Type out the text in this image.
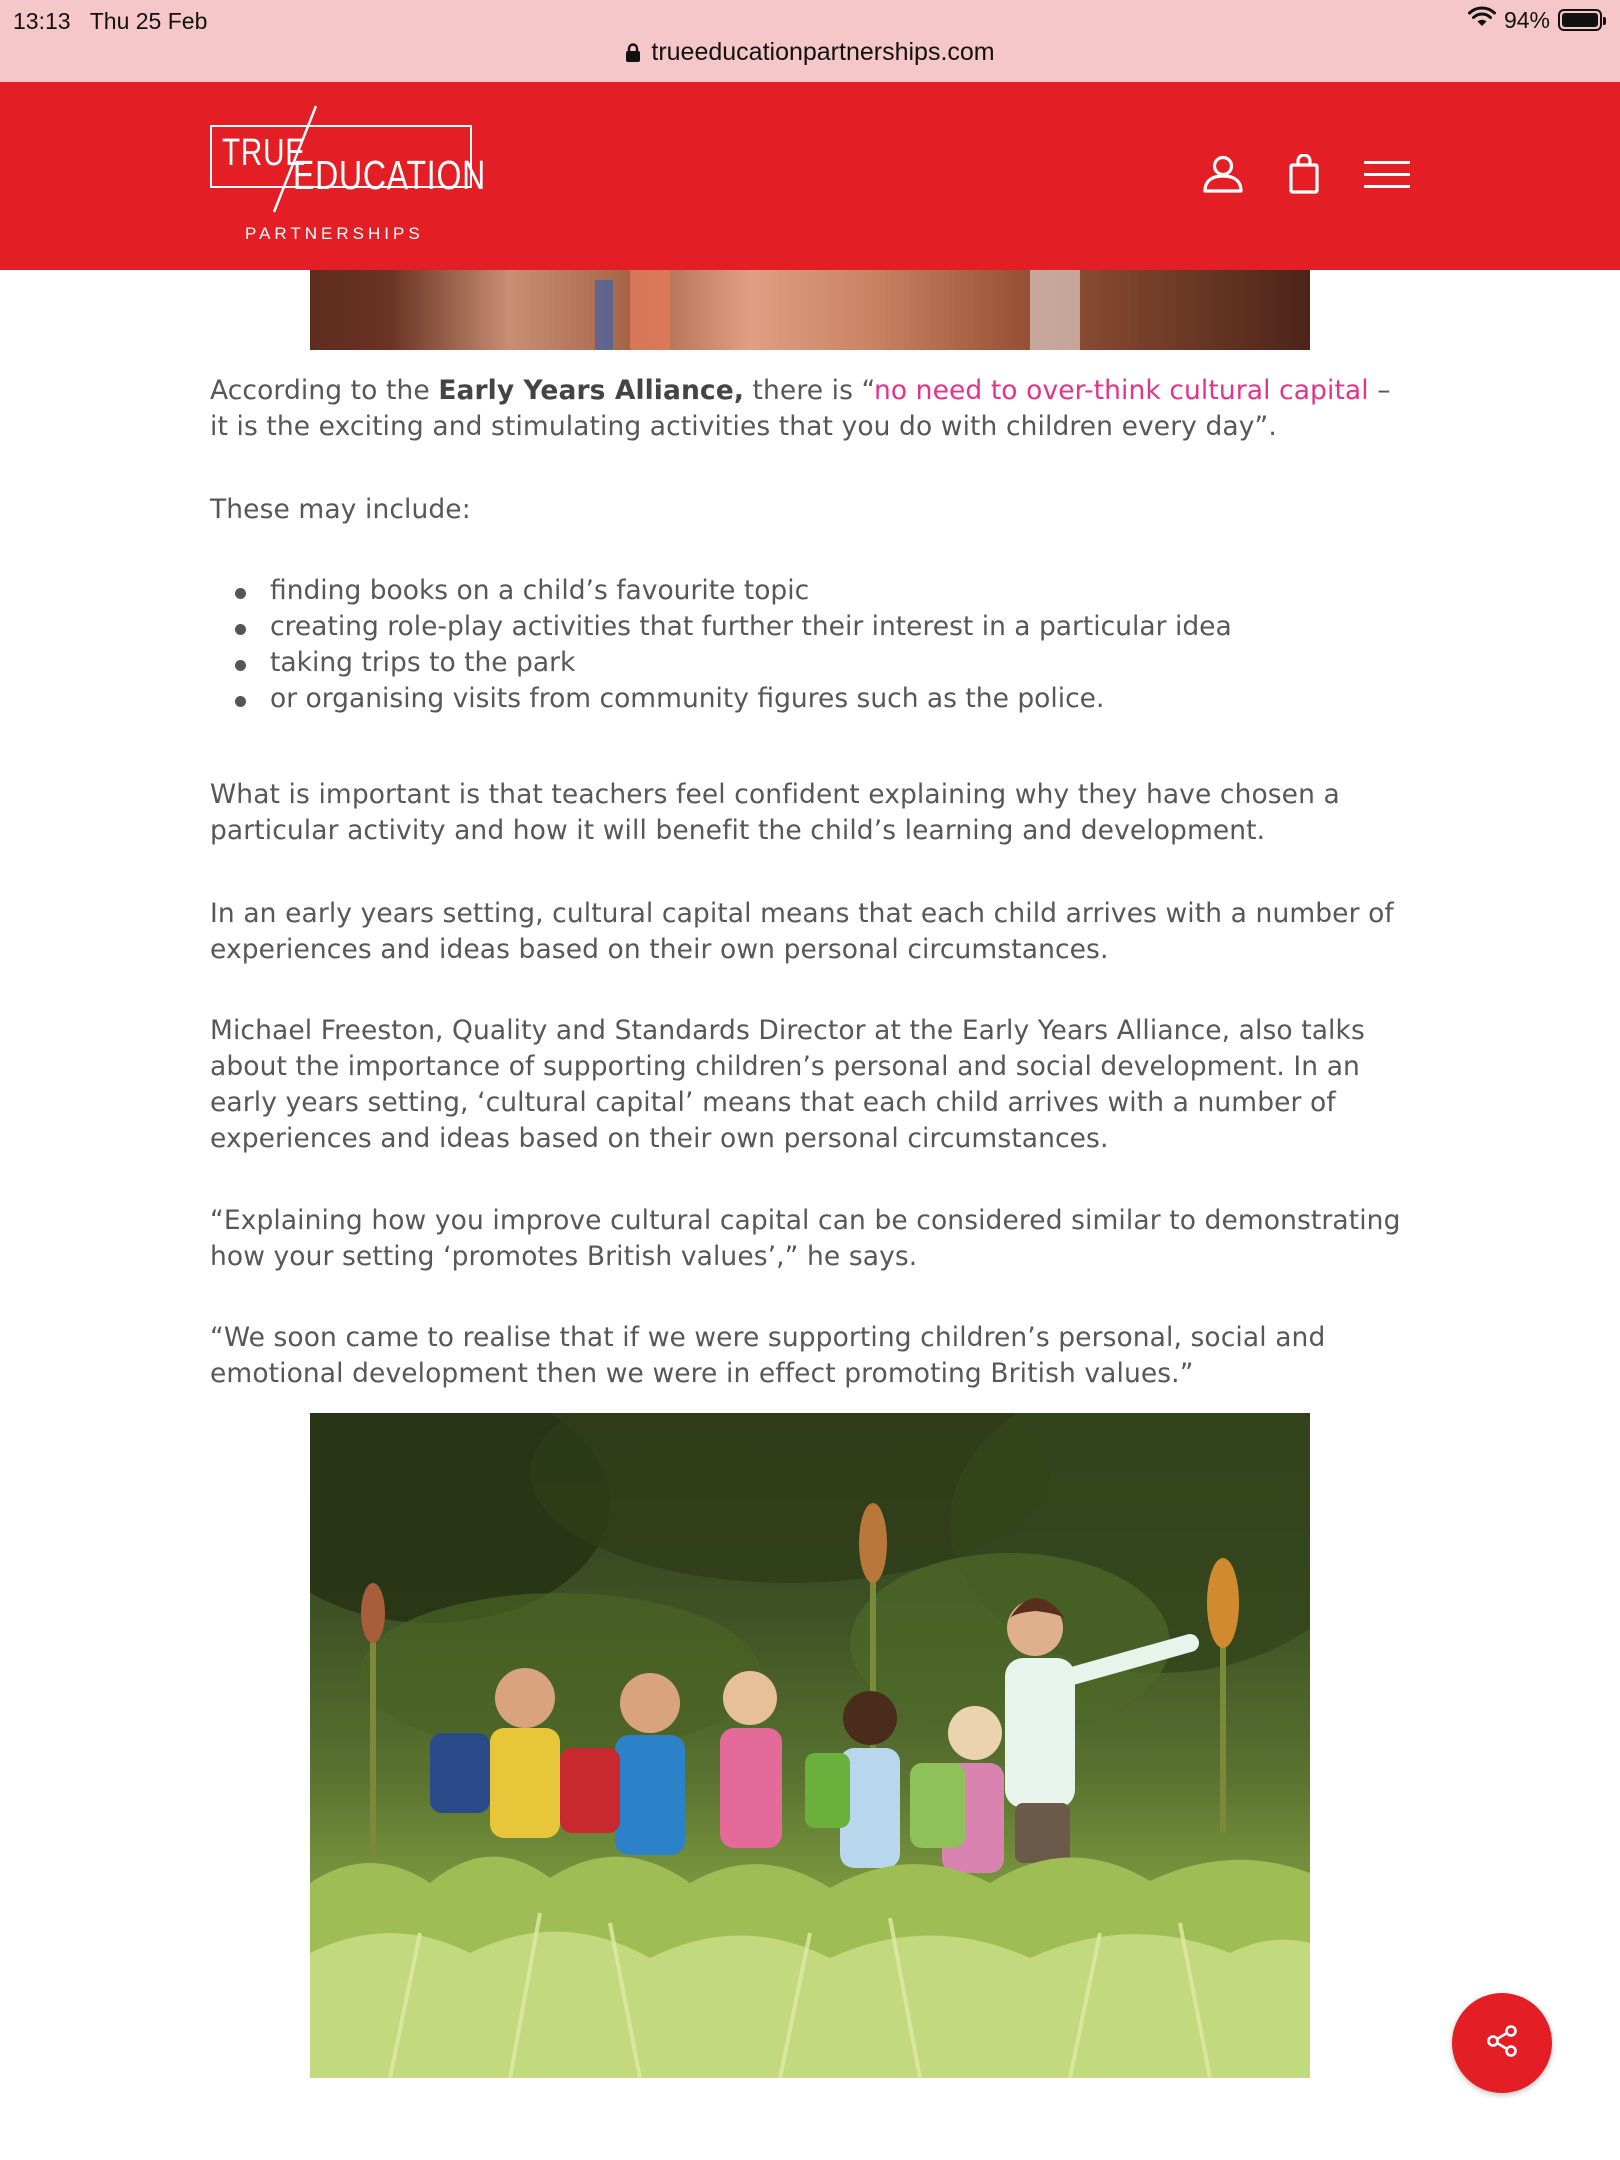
13:13 Thu 25 Feb	94%
trueeducationpartnerships.com
TRUE
EDUCATION
PARTNERSHIPS

According to the Early Years Alliance, there is “no need to over-think cultural capital – it is the exciting and stimulating activities that you do with children every day”.

These may include:

finding books on a child’s favourite topic
creating role-play activities that further their interest in a particular idea
taking trips to the park
or organising visits from community figures such as the police.

What is important is that teachers feel confident explaining why they have chosen a particular activity and how it will benefit the child’s learning and development.

In an early years setting, cultural capital means that each child arrives with a number of experiences and ideas based on their own personal circumstances.

Michael Freeston, Quality and Standards Director at the Early Years Alliance, also talks about the importance of supporting children’s personal and social development. In an early years setting, ‘cultural capital’ means that each child arrives with a number of experiences and ideas based on their own personal circumstances.

“Explaining how you improve cultural capital can be considered similar to demonstrating how your setting ‘promotes British values’,” he says.

“We soon came to realise that if we were supporting children’s personal, social and emotional development then we were in effect promoting British values.”
